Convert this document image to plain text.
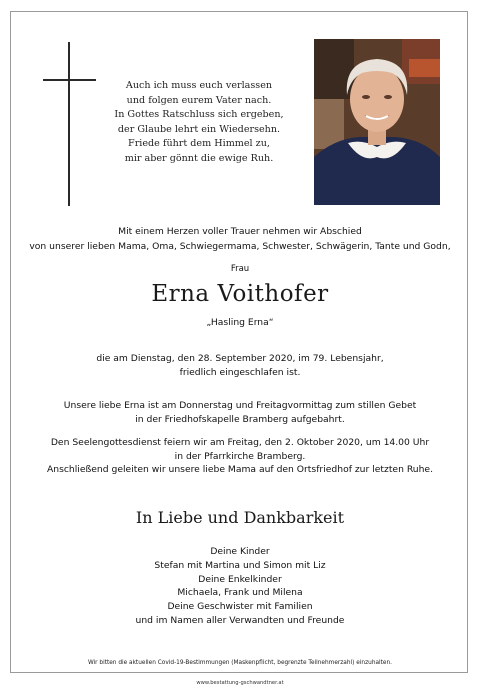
Auch ich muss euch verlassen
und folgen eurem Vater nach.
In Gottes Ratschluss sich ergeben,
der Glaube lehrt ein Wiedersehn.
Friede führt dem Himmel zu,
mir aber gönnt die ewige Ruh.
Mit einem Herzen voller Trauer nehmen wir Abschied
von unserer lieben Mama, Oma, Schwiegermama, Schwester, Schwägerin, Tante und Godn,
Frau
Erna Voithofer
„Hasling Erna“
die am Dienstag, den 28. September 2020, im 79. Lebensjahr,
friedlich eingeschlafen ist.
Unsere liebe Erna ist am Donnerstag und Freitagvormittag zum stillen Gebet
in der Friedhofskapelle Bramberg aufgebahrt.
Den Seelengottesdienst feiern wir am Freitag, den 2. Oktober 2020, um 14.00 Uhr
in der Pfarrkirche Bramberg.
Anschließend geleiten wir unsere liebe Mama auf den Ortsfriedhof zur letzten Ruhe.
In Liebe und Dankbarkeit
Deine Kinder
Stefan mit Martina und Simon mit Liz
Deine Enkelkinder
Michaela, Frank und Milena
Deine Geschwister mit Familien
und im Namen aller Verwandten und Freunde
Wir bitten die aktuellen Covid-19-Bestimmungen (Maskenpflicht, begrenzte Teilnehmerzahl) einzuhalten.
www.bestattung-gschwandtner.at
